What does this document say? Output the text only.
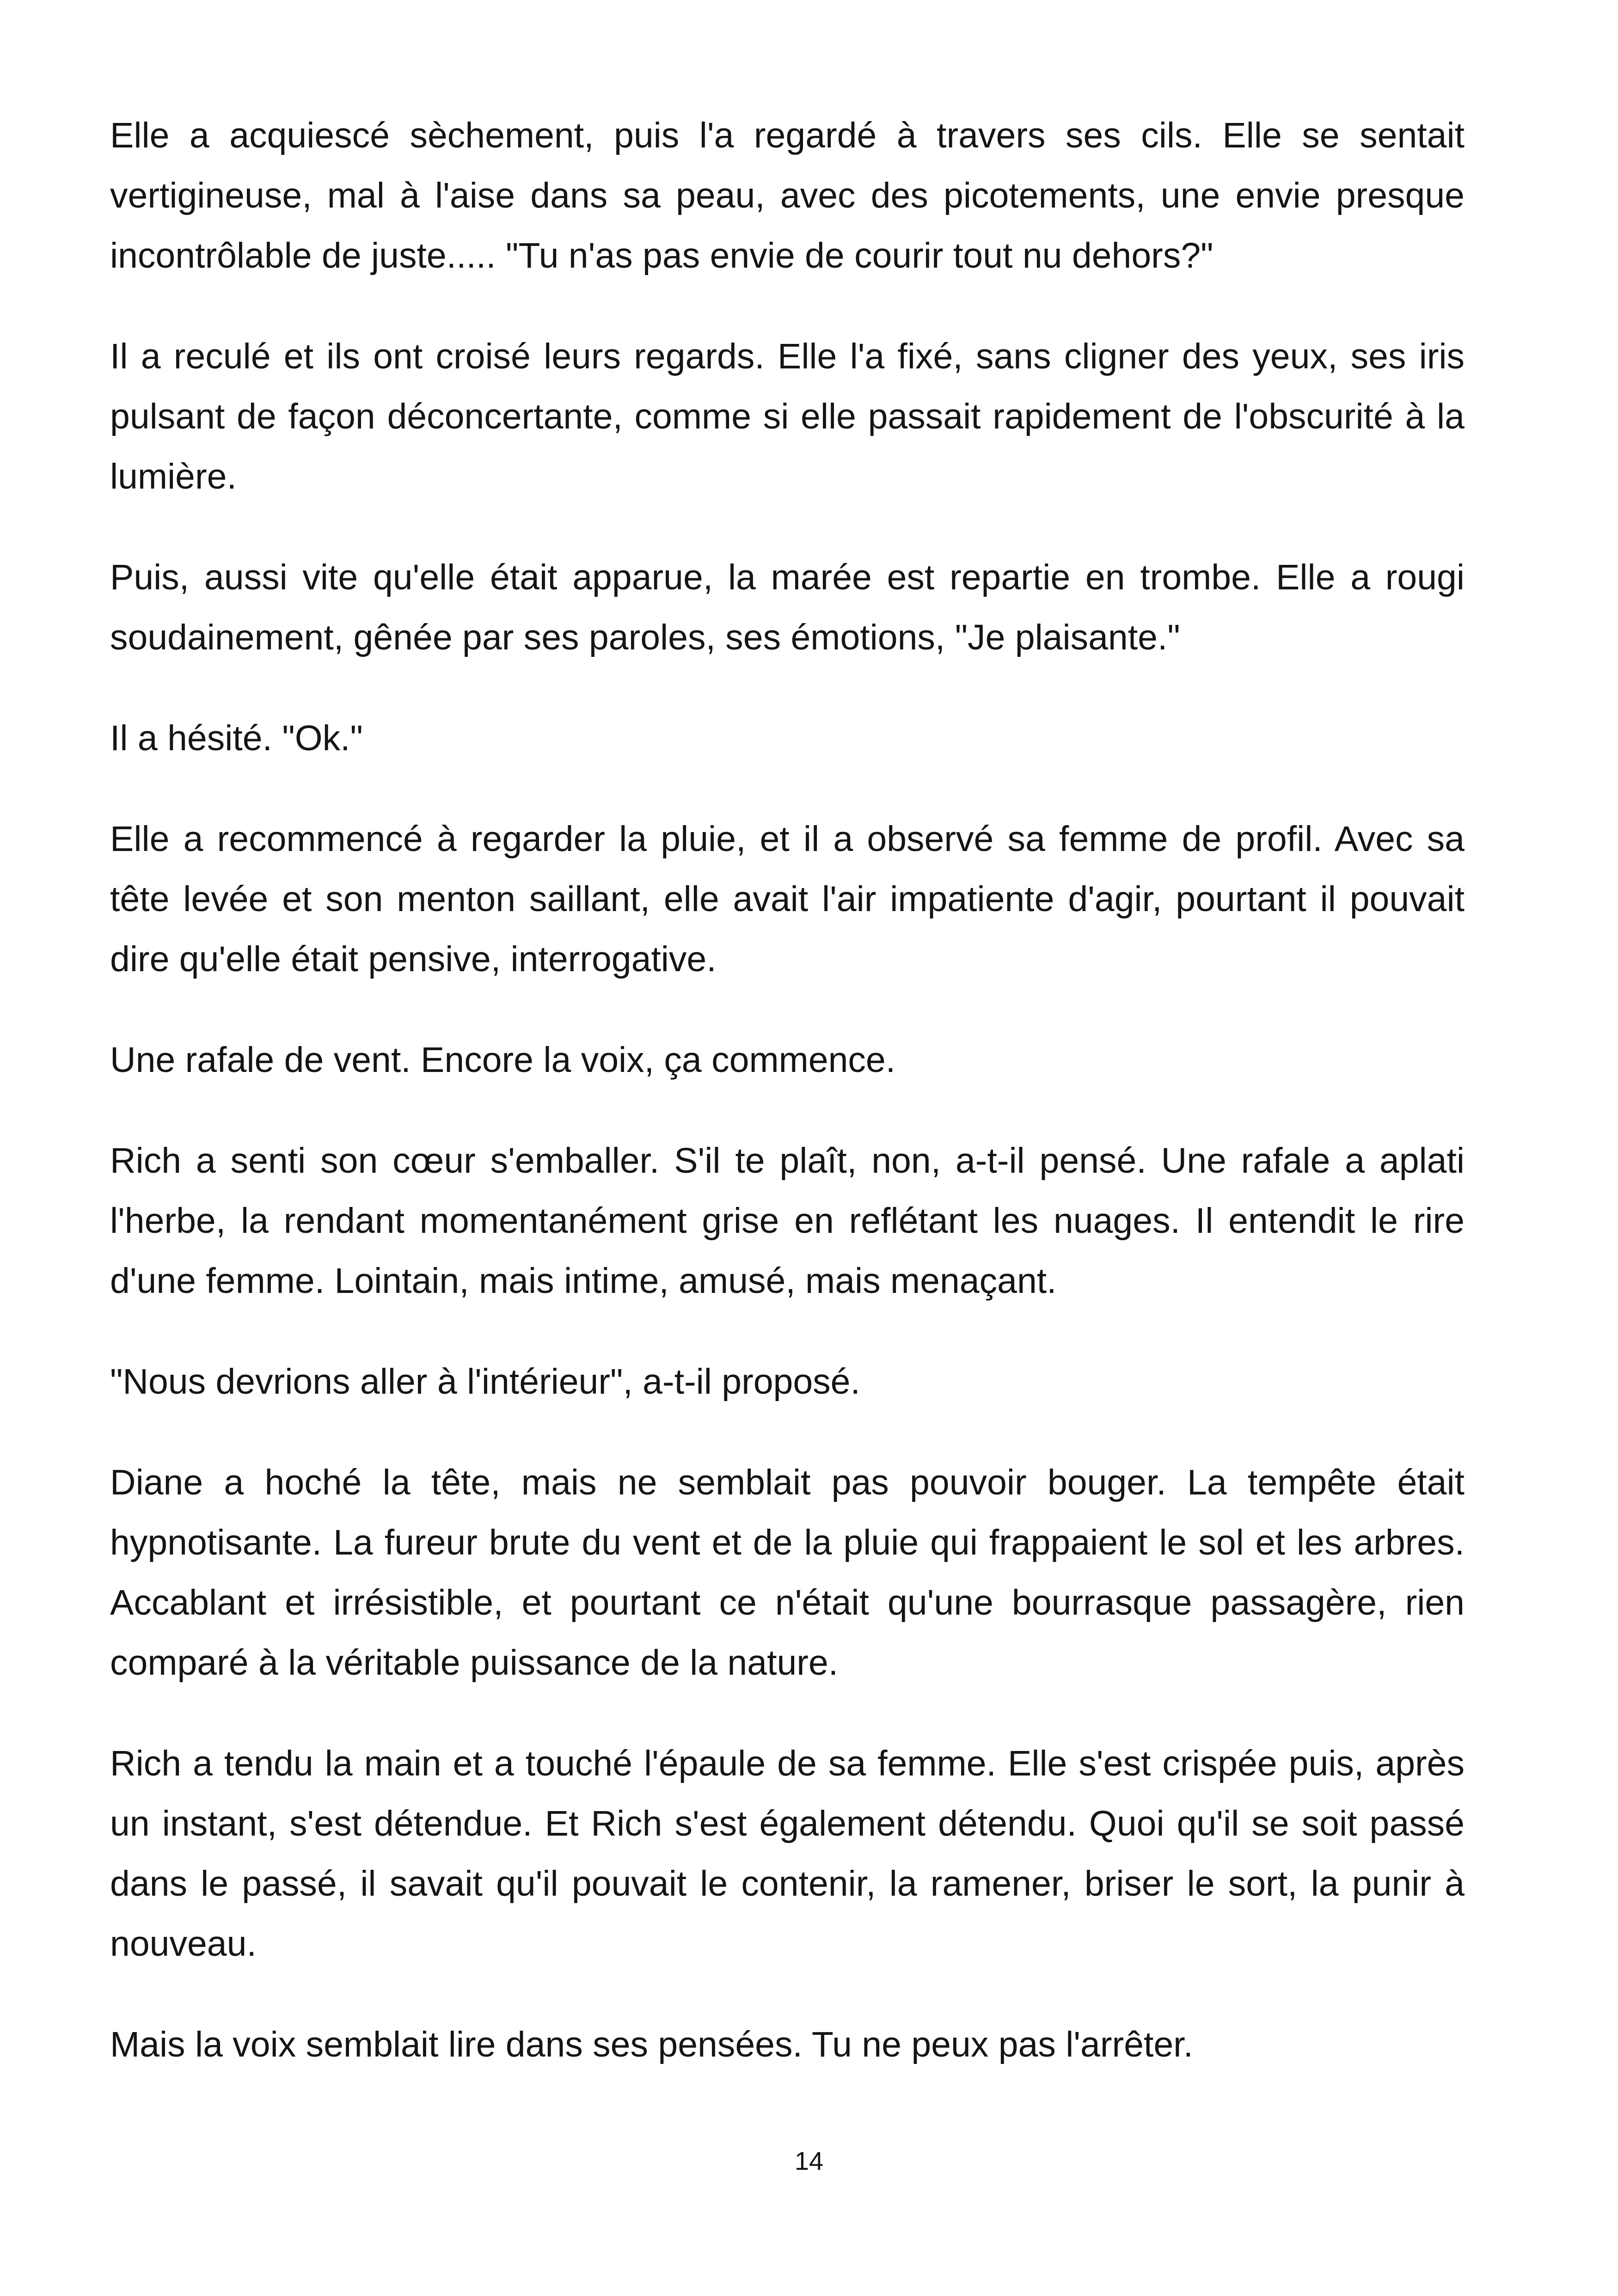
Elle a acquiescé sèchement, puis l'a regardé à travers ses cils. Elle se sentait vertigineuse, mal à l'aise dans sa peau, avec des picotements, une envie presque incontrôlable de juste..... "Tu n'as pas envie de courir tout nu dehors?"

Il a reculé et ils ont croisé leurs regards. Elle l'a fixé, sans cligner des yeux, ses iris pulsant de façon déconcertante, comme si elle passait rapidement de l'obscurité à la lumière.

Puis, aussi vite qu'elle était apparue, la marée est repartie en trombe. Elle a rougi soudainement, gênée par ses paroles, ses émotions, "Je plaisante."

Il a hésité. "Ok."

Elle a recommencé à regarder la pluie, et il a observé sa femme de profil. Avec sa tête levée et son menton saillant, elle avait l'air impatiente d'agir, pourtant il pouvait dire qu'elle était pensive, interrogative.

Une rafale de vent. Encore la voix, ça commence.

Rich a senti son cœur s'emballer. S'il te plaît, non, a-t-il pensé. Une rafale a aplati l'herbe, la rendant momentanément grise en reflétant les nuages. Il entendit le rire d'une femme. Lointain, mais intime, amusé, mais menaçant.

"Nous devrions aller à l'intérieur", a-t-il proposé.

Diane a hoché la tête, mais ne semblait pas pouvoir bouger. La tempête était hypnotisante. La fureur brute du vent et de la pluie qui frappaient le sol et les arbres. Accablant et irrésistible, et pourtant ce n'était qu'une bourrasque passagère, rien comparé à la véritable puissance de la nature.

Rich a tendu la main et a touché l'épaule de sa femme. Elle s'est crispée puis, après un instant, s'est détendue. Et Rich s'est également détendu. Quoi qu'il se soit passé dans le passé, il savait qu'il pouvait le contenir, la ramener, briser le sort, la punir à nouveau.

Mais la voix semblait lire dans ses pensées. Tu ne peux pas l'arrêter.

14
